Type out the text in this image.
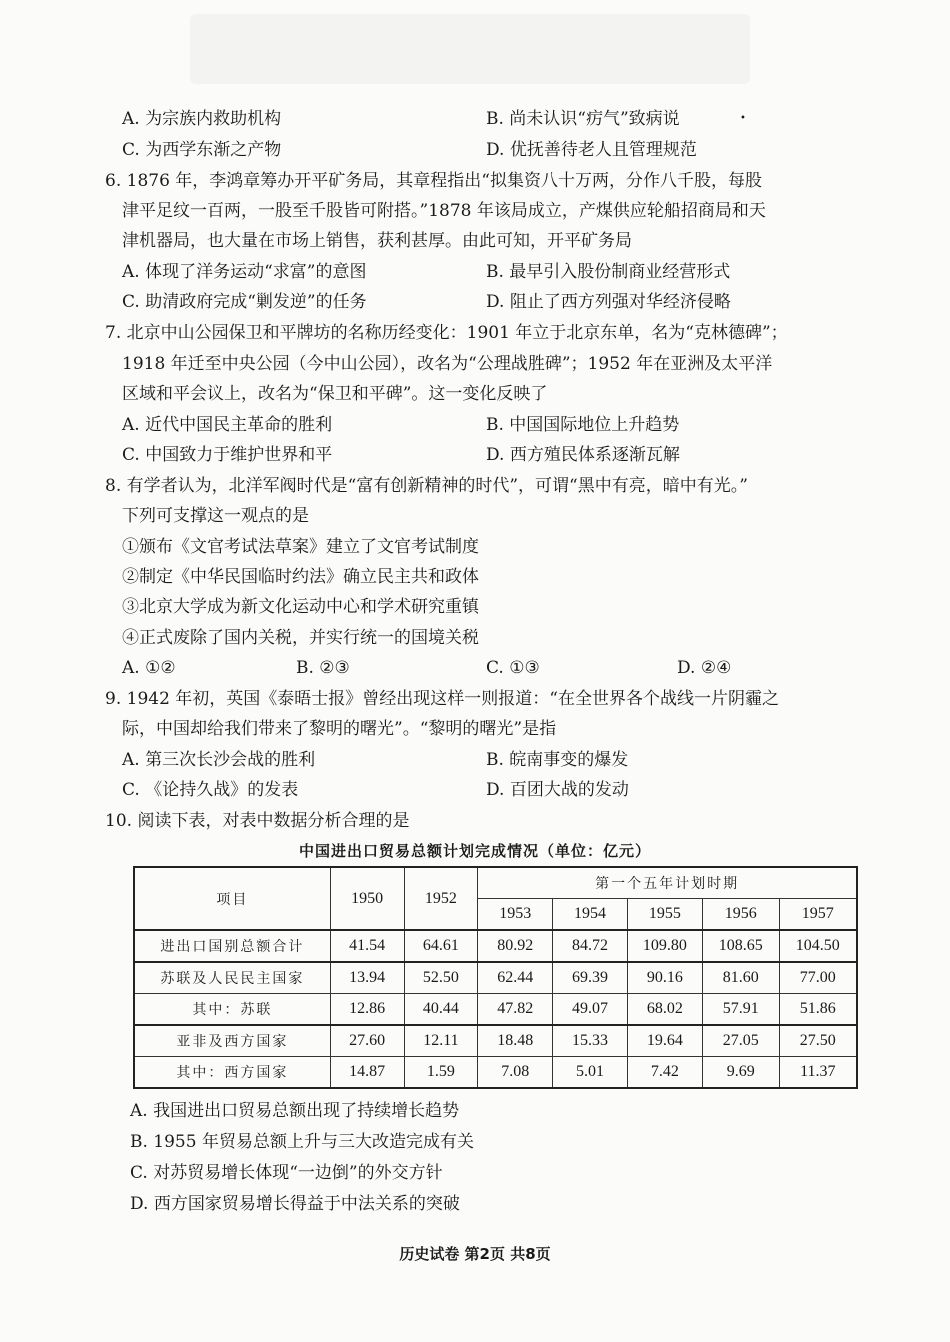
•
A. 为宗族内救助机构	B. 尚未认识“疠气”致病说
C. 为西学东渐之产物	D. 优抚善待老人且管理规范
6. 1876 年，李鸿章筹办开平矿务局，其章程指出“拟集资八十万两，分作八千股，每股
津平足纹一百两，一股至千股皆可附搭。”1878 年该局成立，产煤供应轮船招商局和天
津机器局，也大量在市场上销售，获利甚厚。由此可知，开平矿务局
A. 体现了洋务运动“求富”的意图	B. 最早引入股份制商业经营形式
C. 助清政府完成“剿发逆”的任务	D. 阻止了西方列强对华经济侵略
7. 北京中山公园保卫和平牌坊的名称历经变化：1901 年立于北京东单，名为“克林德碑”；
1918 年迁至中央公园（今中山公园），改名为“公理战胜碑”；1952 年在亚洲及太平洋
区域和平会议上，改名为“保卫和平碑”。这一变化反映了
A. 近代中国民主革命的胜利	B. 中国国际地位上升趋势
C. 中国致力于维护世界和平	D. 西方殖民体系逐渐瓦解
8. 有学者认为，北洋军阀时代是“富有创新精神的时代”，可谓“黑中有亮，暗中有光。”
下列可支撑这一观点的是
①颁布《文官考试法草案》建立了文官考试制度
②制定《中华民国临时约法》确立民主共和政体
③北京大学成为新文化运动中心和学术研究重镇
④正式废除了国内关税，并实行统一的国境关税
A. ①②	B. ②③	C. ①③	D. ②④
9. 1942 年初，英国《泰晤士报》曾经出现这样一则报道：“在全世界各个战线一片阴霾之
际，中国却给我们带来了黎明的曙光”。“黎明的曙光”是指
A. 第三次长沙会战的胜利	B. 皖南事变的爆发
C. 《论持久战》的发表	D. 百团大战的发动
10. 阅读下表，对表中数据分析合理的是
中国进出口贸易总额计划完成情况（单位：亿元）
项目	1950	1952	第一个五年计划时期				
			1953	1954	1955	1956	1957
进出口国别总额合计	41.54	64.61	80.92	84.72	109.80	108.65	104.50
苏联及人民民主国家	13.94	52.50	62.44	69.39	90.16	81.60	77.00
其中：苏联	12.86	40.44	47.82	49.07	68.02	57.91	51.86
亚非及西方国家	27.60	12.11	18.48	15.33	19.64	27.05	27.50
其中：西方国家	14.87	1.59	7.08	5.01	7.42	9.69	11.37
A. 我国进出口贸易总额出现了持续增长趋势
B. 1955 年贸易总额上升与三大改造完成有关
C. 对苏贸易增长体现“一边倒”的外交方针
D. 西方国家贸易增长得益于中法关系的突破
历史试卷 第2页 共8页
